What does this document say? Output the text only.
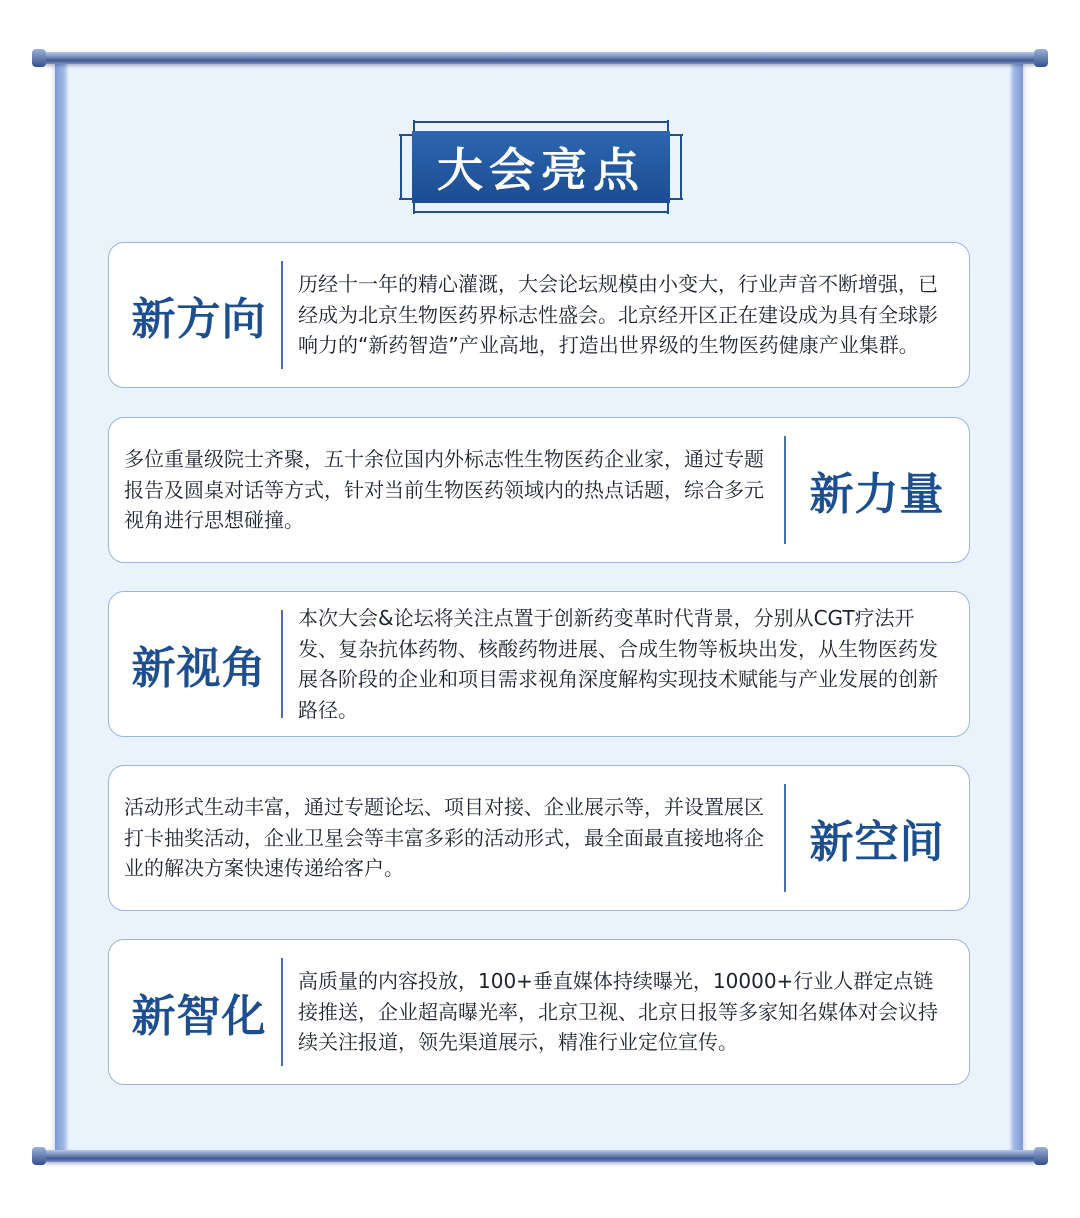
大会亮点
新方向

历经十一年的精心灌溉，大会论坛规模由小变大，行业声音不断增强，已经成为北京生物医药界标志性盛会。北京经开区正在建设成为具有全球影响力的“新药智造”产业高地，打造出世界级的生物医药健康产业集群。

多位重量级院士齐聚，五十余位国内外标志性生物医药企业家，通过专题报告及圆桌对话等方式，针对当前生物医药领域内的热点话题，综合多元视角进行思想碰撞。

新力量
新视角

本次大会&论坛将关注点置于创新药变革时代背景，分别从CGT疗法开发、复杂抗体药物、核酸药物进展、合成生物等板块出发，从生物医药发展各阶段的企业和项目需求视角深度解构实现技术赋能与产业发展的创新路径。

活动形式生动丰富，通过专题论坛、项目对接、企业展示等，并设置展区打卡抽奖活动，企业卫星会等丰富多彩的活动形式，最全面最直接地将企业的解决方案快速传递给客户。

新空间
新智化

高质量的内容投放，100+垂直媒体持续曝光，10000+行业人群定点链接推送，企业超高曝光率，北京卫视、北京日报等多家知名媒体对会议持续关注报道，领先渠道展示，精准行业定位宣传。
